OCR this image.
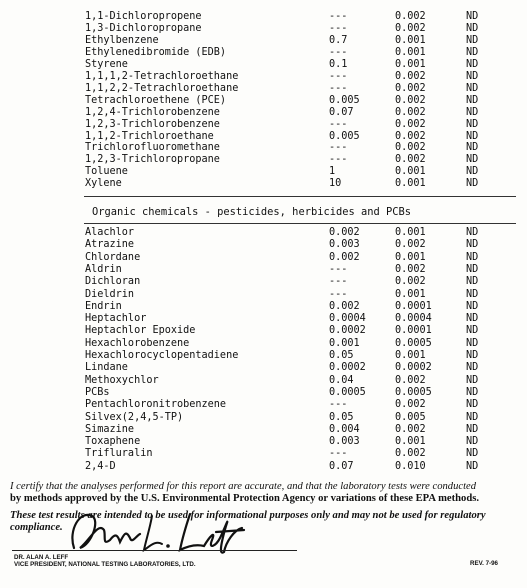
1,1-Dichloropropene	---	0.002	ND
1,3-Dichloropropane	---	0.002	ND
Ethylbenzene	0.7	0.001	ND
Ethylenedibromide (EDB)	---	0.001	ND
Styrene	0.1	0.001	ND
1,1,1,2-Tetrachloroethane	---	0.002	ND
1,1,2,2-Tetrachloroethane	---	0.002	ND
Tetrachloroethene (PCE)	0.005	0.002	ND
1,2,4-Trichlorobenzene	0.07	0.002	ND
1,2,3-Trichlorobenzene	---	0.002	ND
1,1,2-Trichloroethane	0.005	0.002	ND
Trichlorofluoromethane	---	0.002	ND
1,2,3-Trichloropropane	---	0.002	ND
Toluene	1	0.001	ND
Xylene	10	0.001	ND
Organic chemicals - pesticides, herbicides and PCBs
Alachlor	0.002	0.001	ND
Atrazine	0.003	0.002	ND
Chlordane	0.002	0.001	ND
Aldrin	---	0.002	ND
Dichloran	---	0.002	ND
Dieldrin	---	0.001	ND
Endrin	0.002	0.0001	ND
Heptachlor	0.0004	0.0004	ND
Heptachlor Epoxide	0.0002	0.0001	ND
Hexachlorobenzene	0.001	0.0005	ND
Hexachlorocyclopentadiene	0.05	0.001	ND
Lindane	0.0002	0.0002	ND
Methoxychlor	0.04	0.002	ND
PCBs	0.0005	0.0005	ND
Pentachloronitrobenzene	---	0.002	ND
Silvex(2,4,5-TP)	0.05	0.005	ND
Simazine	0.004	0.002	ND
Toxaphene	0.003	0.001	ND
Trifluralin	---	0.002	ND
2,4-D	0.07	0.010	ND
I certify that the analyses performed for this report are accurate, and that the laboratory tests were conducted
by methods approved by the U.S. Environmental Protection Agency or variations of these EPA methods.
These test results are intended to be used for informational purposes only and may not be used for regulatory
compliance.
DR. ALAN A. LEFF
VICE PRESIDENT, NATIONAL TESTING LABORATORIES, LTD.	REV. 7-96
